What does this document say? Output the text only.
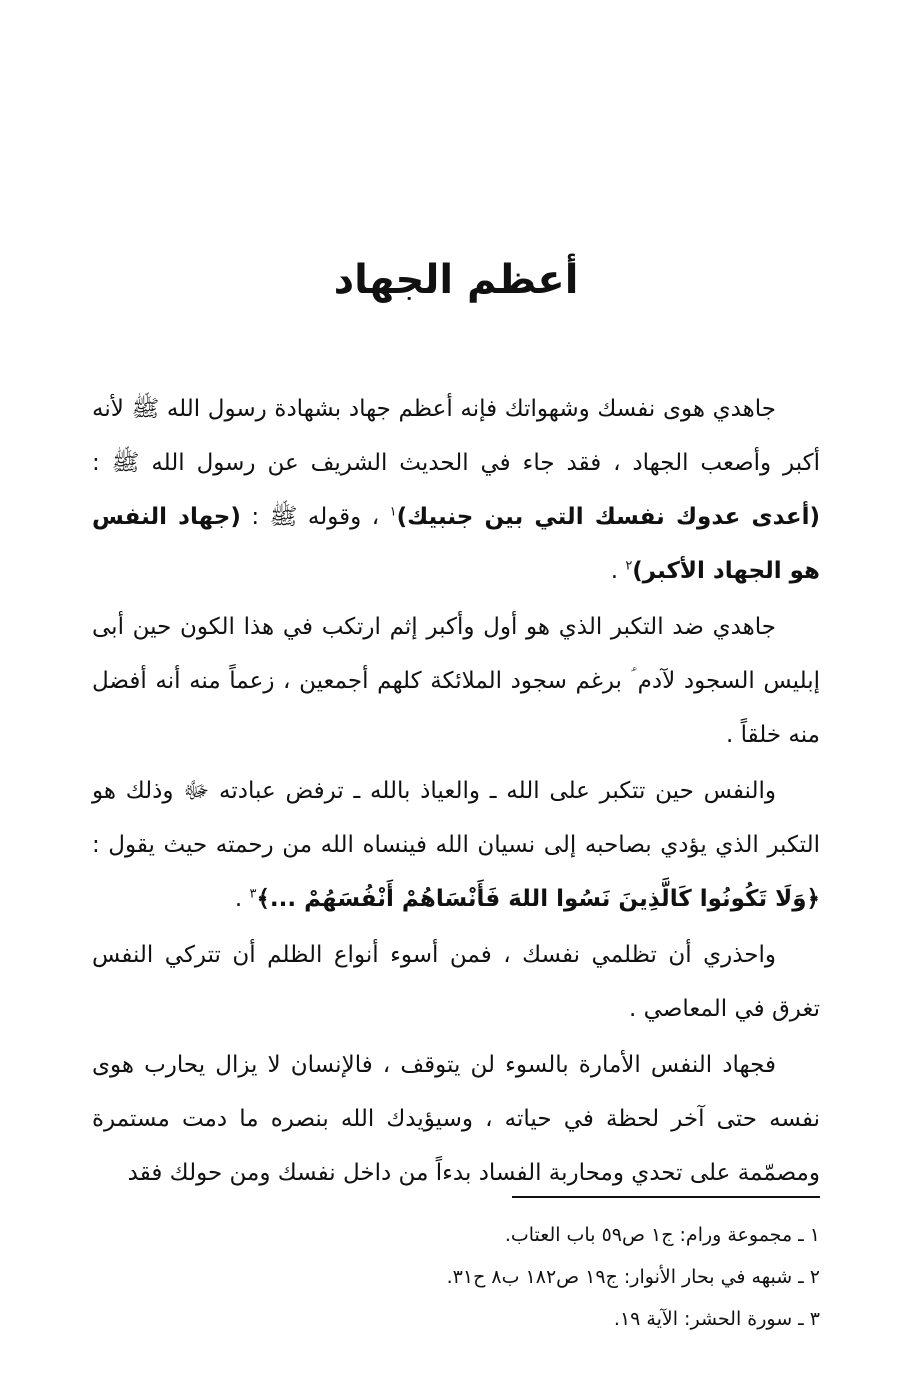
أعظم الجهاد

جاهدي هوى نفسك وشهواتك فإنه أعظم جهاد بشهادة رسول الله ﷺ لأنه أكبر وأصعب الجهاد ، فقد جاء في الحديث الشريف عن رسول الله ﷺ : (أعدى عدوك نفسك التي بين جنبيك)$^١$ ، وقوله ﷺ : (جهاد النفس هو الجهاد الأكبر)$^٢$ .

جاهدي ضد التكبر الذي هو أول وأكبر إثم ارتكب في هذا الكون حين أبى إبليس السجود لآدم ؑ برغم سجود الملائكة كلهم أجمعين ، زعماً منه أنه أفضل منه خلقاً .

والنفس حين تتكبر على الله ـ والعياذ بالله ـ ترفض عبادته ﷻ وذلك هو التكبر الذي يؤدي بصاحبه إلى نسيان الله فينساه الله من رحمته حيث يقول : ﴿وَلَا تَكُونُوا كَالَّذِينَ نَسُوا اللهَ فَأَنْسَاهُمْ أَنْفُسَهُمْ ...﴾$^٣$ .

واحذري أن تظلمي نفسك ، فمن أسوء أنواع الظلم أن تتركي النفس تغرق في المعاصي .

فجهاد النفس الأمارة بالسوء لن يتوقف ، فالإنسان لا يزال يحارب هوى نفسه حتى آخر لحظة في حياته ، وسيؤيدك الله بنصره ما دمت مستمرة ومصمّمة على تحدي ومحاربة الفساد بدءاً من داخل نفسك ومن حولك فقد

١ ـ مجموعة ورام: ج١ ص٥٩ باب العتاب.

٢ ـ شبهه في بحار الأنوار: ج١٩ ص١٨٢ ب٨ ح٣١.

٣ ـ سورة الحشر: الآية ١٩.
